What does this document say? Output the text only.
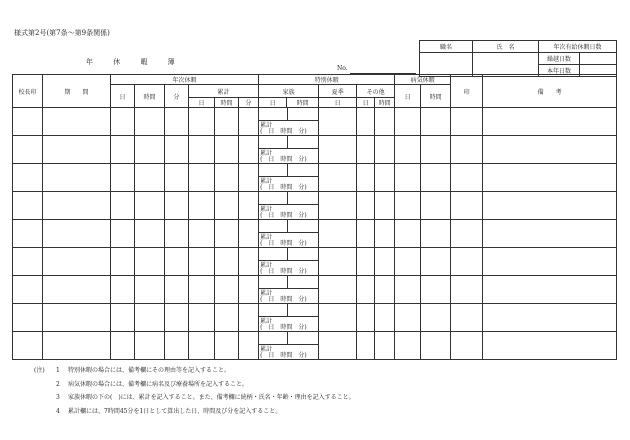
様式第2号(第7条～第9条関係)
年 休 暇 簿
No.
職名	氏　名	年次有給休暇日数	
		繰越日数	
		本年日数	
校長印	期　　間	年次休暇						特別休暇					病気休暇		印	備　　考
		日	時間	分	累計			家族		夏季	その他		日	時間		
					日	時間	分	日	時間	日	日	時間				

								累計
(　日　時間　分)								

								累計
(　日　時間　分)								

								累計
(　日　時間　分)								

								累計
(　日　時間　分)								

								累計
(　日　時間　分)								

								累計
(　日　時間　分)								

								累計
(　日　時間　分)								

								累計
(　日　時間　分)								

								累計
(　日　時間　分)								

(注) 1 特別休暇の場合には、備考欄にその理由等を記入すること。
2 病気休暇の場合には、備考欄に病名及び療養場所を記入すること。
3 家族休暇の下の(　)には、累計を記入すること。また、備考欄に続柄・氏名・年齢・理由を記入すること。
4 累計欄には、7時間45分を1日として算出した日、時間及び分を記入すること。
